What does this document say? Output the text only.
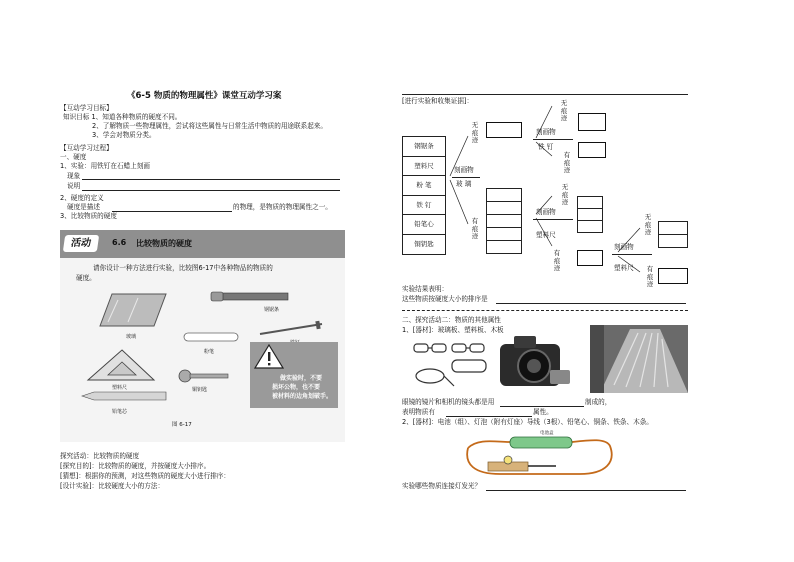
《6-5 物质的物理属性》课堂互动学习案
【互动学习目标】
知识目标 1、知道各种物质的硬度不同。
2、了解物质一些物理属性，尝试将这些属性与日常生活中物质的用途联系起来。
3、学会对物质分类。
【互动学习过程】
一、硬度
1、实验：用铁钉在石蜡上刻画
现象
说明
2、硬度的定义
硬度是描述	的物理，是物质的物理属性之一。
3、比较物质的硬度
活动	6.6 比较物质的硬度
请你设计一种方法进行实验，比较图6-17中各种物品的物质的
硬度。
玻璃
钢锯条
粉笔
塑料尺	铜钥匙
铅笔芯
做实验时，不要
损坏公物，也不要
被材料的边角划破手。
图 6-17
探究活动：比较物质的硬度
[探究目的]：比较物质的硬度，并按硬度大小排序。
[猜想]：根据你的预测，对这些物质的硬度大小进行排序：
[设计实验]：比较硬度大小的方法：
[进行实验和收集证据]：
钢锯条
塑料尺
粉 笔
铁 钉
铅笔心
铜钥匙
刻画物
玻 璃
无痕迹
有痕迹
刻画物
铁 钉
无痕迹
有痕迹
刻画物
塑料尺
无痕迹
有痕迹
刻画物
塑料尺
无痕迹
有痕迹
实验结果表明：
这些物质按硬度大小的排序是
二、探究活动二：物质的其他属性
1、[器材]：玻璃板、塑料板、木板
眼镜的镜片和相机的镜头都是用	制成的，
表明物质有	属性。
2、[器材]：电池（组）、灯泡（附有灯座）导线（3根）、铅笔心、铜条、铁条、木条。
电池盒
实验哪些物质连接灯发光？
